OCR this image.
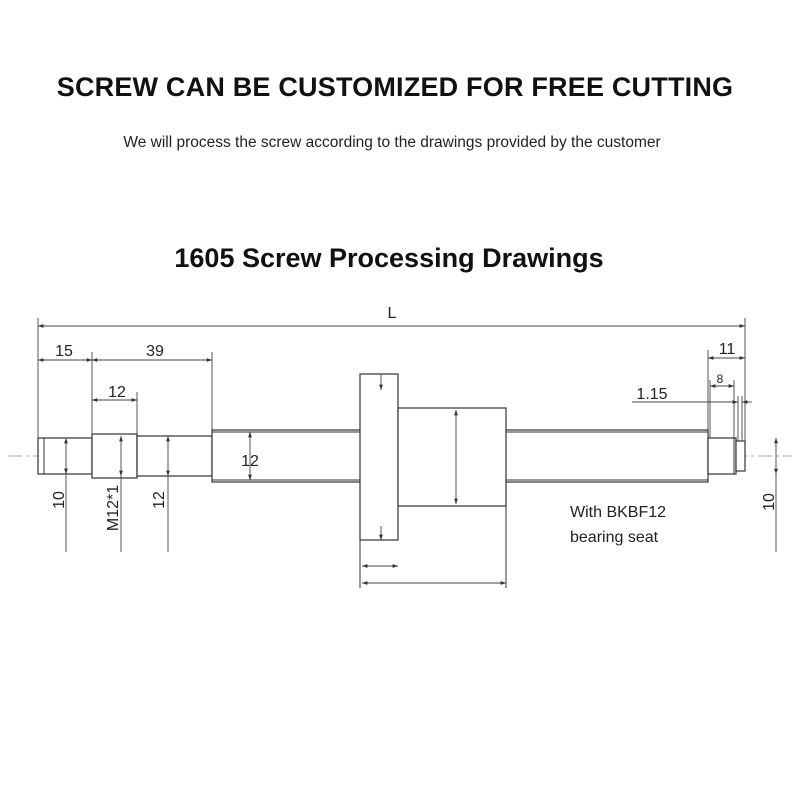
SCREW CAN BE CUSTOMIZED FOR FREE CUTTING
We will process the screw according to the drawings provided by the customer
1605 Screw Processing Drawings
L
15	39
12
11
8
1.15
10 M12*1 12
12
10
With BKBF12
bearing seat
